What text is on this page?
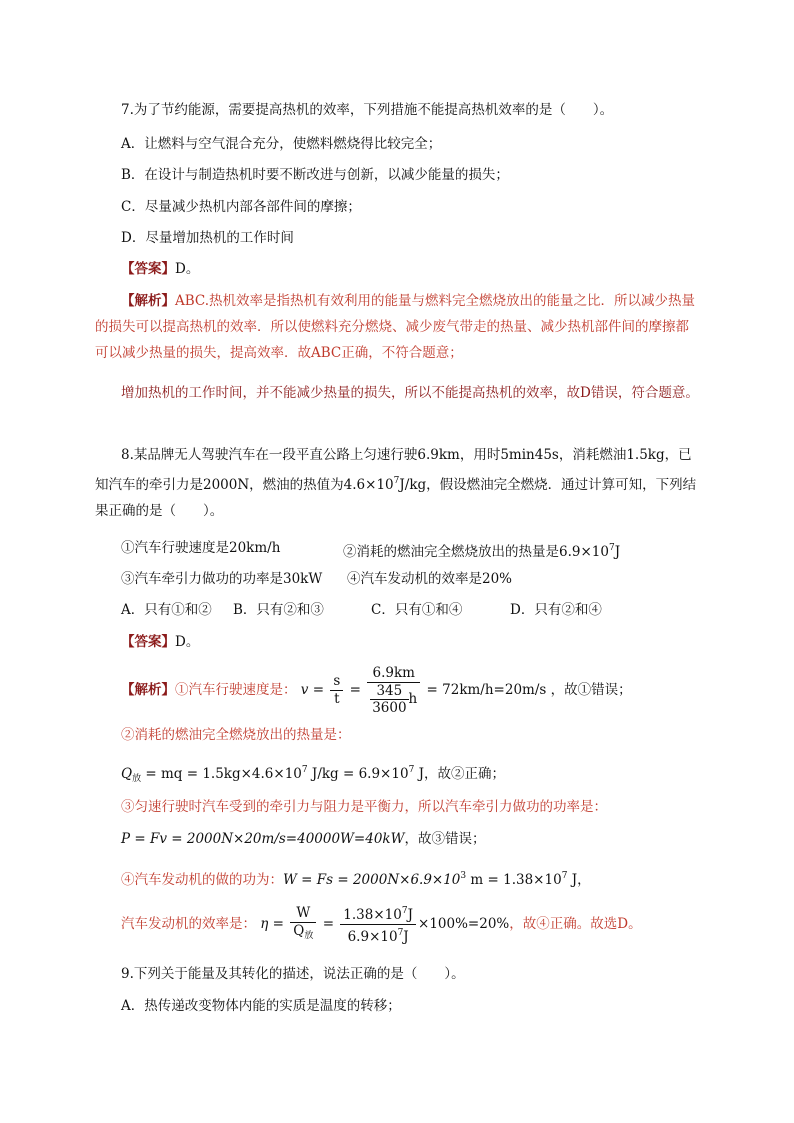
7.为了节约能源，需要提高热机的效率，下列措施不能提高热机效率的是（　　）。
A．让燃料与空气混合充分，使燃料燃烧得比较完全；
B．在设计与制造热机时要不断改进与创新，以减少能量的损失；
C．尽量减少热机内部各部件间的摩擦；
D．尽量增加热机的工作时间
【答案】D。
【解析】ABC.热机效率是指热机有效利用的能量与燃料完全燃烧放出的能量之比．所以减少热量的损失可以提高热机的效率．所以使燃料充分燃烧、减少废气带走的热量、减少热机部件间的摩擦都可以减少热量的损失，提高效率．故ABC正确，不符合题意；
增加热机的工作时间，并不能减少热量的损失，所以不能提高热机的效率，故D错误，符合题意。
8.某品牌无人驾驶汽车在一段平直公路上匀速行驶6.9km，用时5min45s，消耗燃油1.5kg，已知汽车的牵引力是2000N，燃油的热值为$4.6\times 10^7J/kg$，假设燃油完全燃烧．通过计算可知，下列结果正确的是（　　）。
①汽车行驶速度是20km/h	②消耗的燃油完全燃烧放出的热量是$6.9\times 10^7J$
③汽车牵引力做功的功率是30kW ④汽车发动机的效率是20%
A．只有①和② B．只有②和③	C．只有①和④	D．只有②和④
【答案】D。
【解析】①汽车行驶速度是： $v = \frac{s}{t} = \frac{6.9km}{\frac{345}{3600} h} = 72km/h=20m/s$ ，故①错误；
②消耗的燃油完全燃烧放出的热量是：
$Q_放$ = mq = $1.5kg\times 4.6\times 10^7$ $J/kg = 6.9\times 10^7$ J，故②正确；
③匀速行驶时汽车受到的牵引力与阻力是平衡力，所以汽车牵引力做功的功率是：
P = Fv = 2000N×20m/s=40000W=40kW，故③错误；
④汽车发动机的做的功为：$W = Fs = 2000N\times 6.9\times 10^3$ $m = 1.38\times 10^7$ J，
汽车发动机的效率是： $\eta = \frac{W}{Q_放} = \frac{1.38\times 10^7J}{6.9\times 10^7J} \times 100\%=20\%$，故④正确。故选D。
9.下列关于能量及其转化的描述，说法正确的是（　　）。
A．热传递改变物体内能的实质是温度的转移；
